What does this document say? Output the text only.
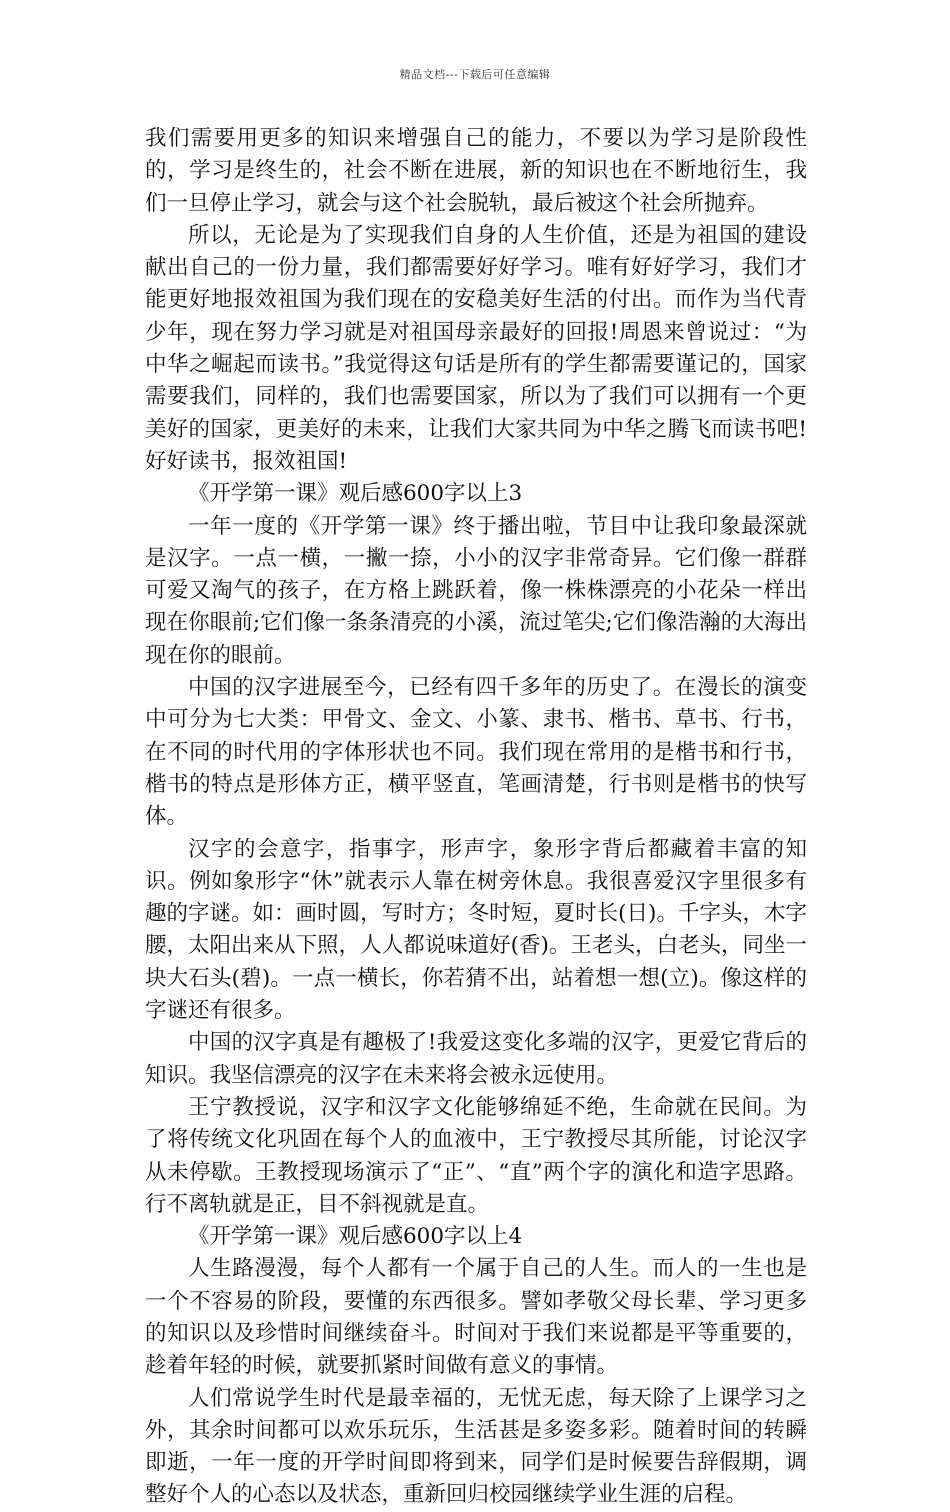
精品文档---下载后可任意编辑

我们需要用更多的知识来增强自己的能力，不要以为学习是阶段性的，学习是终生的，社会不断在进展，新的知识也在不断地衍生，我们一旦停止学习，就会与这个社会脱轨，最后被这个社会所抛弃。

所以，无论是为了实现我们自身的人生价值，还是为祖国的建设献出自己的一份力量，我们都需要好好学习。唯有好好学习，我们才能更好地报效祖国为我们现在的安稳美好生活的付出。而作为当代青少年，现在努力学习就是对祖国母亲最好的回报!周恩来曾说过：“为中华之崛起而读书。”我觉得这句话是所有的学生都需要谨记的，国家需要我们，同样的，我们也需要国家，所以为了我们可以拥有一个更美好的国家，更美好的未来，让我们大家共同为中华之腾飞而读书吧!好好读书，报效祖国!

《开学第一课》观后感600字以上3

一年一度的《开学第一课》终于播出啦，节目中让我印象最深就是汉字。一点一横，一撇一捺，小小的汉字非常奇异。它们像一群群可爱又淘气的孩子，在方格上跳跃着，像一株株漂亮的小花朵一样出现在你眼前;它们像一条条清亮的小溪，流过笔尖;它们像浩瀚的大海出现在你的眼前。

中国的汉字进展至今，已经有四千多年的历史了。在漫长的演变中可分为七大类：甲骨文、金文、小篆、隶书、楷书、草书、行书，在不同的时代用的字体形状也不同。我们现在常用的是楷书和行书，楷书的特点是形体方正，横平竖直，笔画清楚，行书则是楷书的快写体。

汉字的会意字，指事字，形声字，象形字背后都藏着丰富的知识。例如象形字“休”就表示人靠在树旁休息。我很喜爱汉字里很多有趣的字谜。如：画时圆，写时方；冬时短，夏时长(日)。千字头，木字腰，太阳出来从下照，人人都说味道好(香)。王老头，白老头，同坐一块大石头(碧)。一点一横长，你若猜不出，站着想一想(立)。像这样的字谜还有很多。

中国的汉字真是有趣极了!我爱这变化多端的汉字，更爱它背后的知识。我坚信漂亮的汉字在未来将会被永远使用。

王宁教授说，汉字和汉字文化能够绵延不绝，生命就在民间。为了将传统文化巩固在每个人的血液中，王宁教授尽其所能，讨论汉字从未停歇。王教授现场演示了“正”、“直”两个字的演化和造字思路。行不离轨就是正，目不斜视就是直。

《开学第一课》观后感600字以上4

人生路漫漫，每个人都有一个属于自己的人生。而人的一生也是一个不容易的阶段，要懂的东西很多。譬如孝敬父母长辈、学习更多的知识以及珍惜时间继续奋斗。时间对于我们来说都是平等重要的，趁着年轻的时候，就要抓紧时间做有意义的事情。

人们常说学生时代是最幸福的，无忧无虑，每天除了上课学习之外，其余时间都可以欢乐玩乐，生活甚是多姿多彩。随着时间的转瞬即逝，一年一度的开学时间即将到来，同学们是时候要告辞假期，调整好个人的心态以及状态，重新回归校园继续学业生涯的启程。
